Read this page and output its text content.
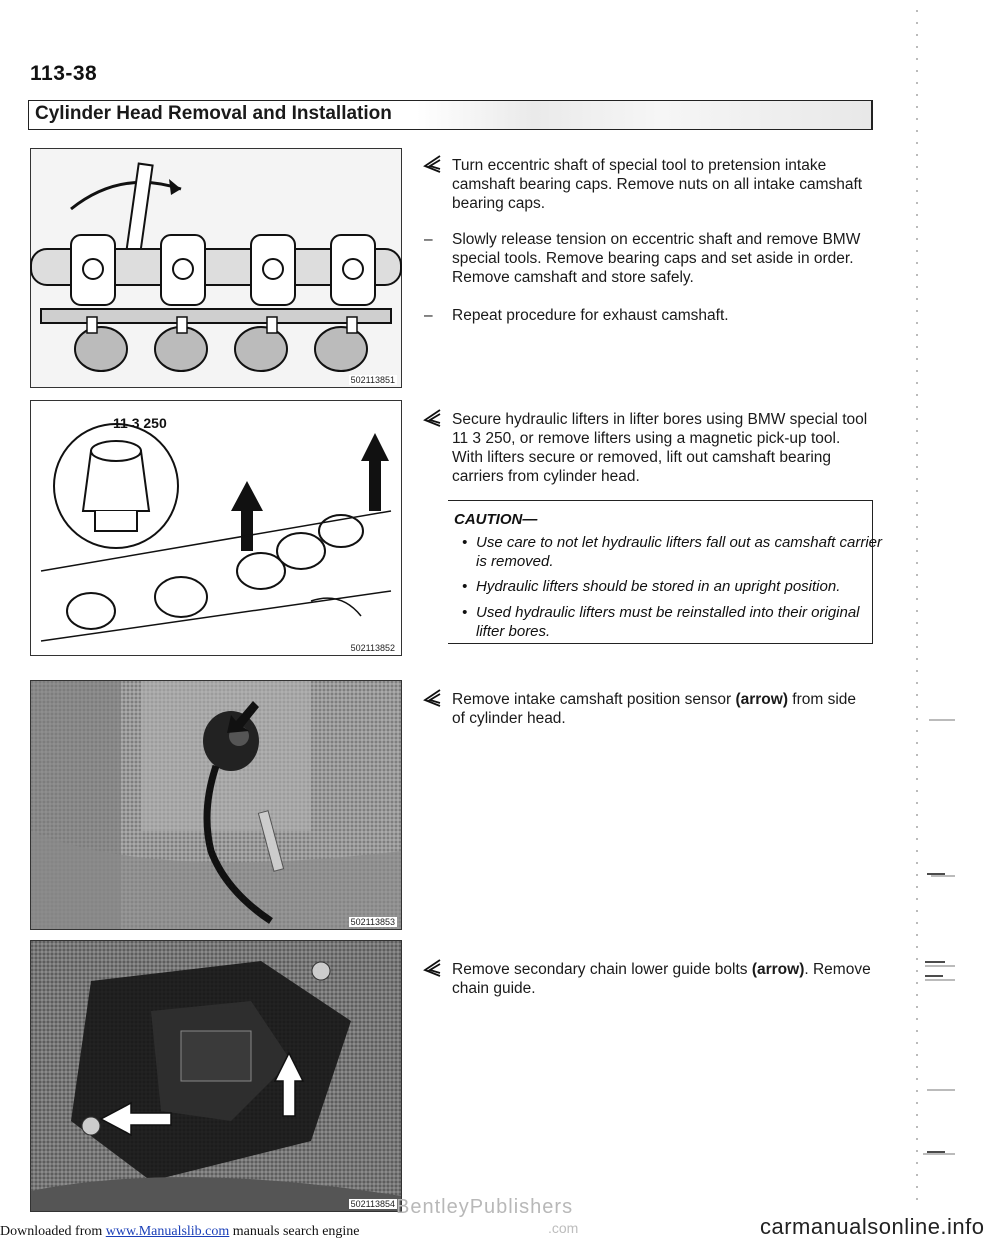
113-38
Cylinder Head Removal and Installation
502113851
11 3 250
502113852
502113853
502113854
Turn eccentric shaft of special tool to pretension intake camshaft bearing caps. Remove nuts on all intake camshaft bearing caps.
– Slowly release tension on eccentric shaft and remove BMW special tools. Remove bearing caps and set aside in order. Remove camshaft and store safely.
– Repeat procedure for exhaust camshaft.
Secure hydraulic lifters in lifter bores using BMW special tool 11 3 250, or remove lifters using a magnetic pick-up tool. With lifters secure or removed, lift out camshaft bearing carriers from cylinder head.
CAUTION—
• Use care to not let hydraulic lifters fall out as camshaft carrier is removed.
• Hydraulic lifters should be stored in an upright position.
• Used hydraulic lifters must be reinstalled into their original lifter bores.
Remove intake camshaft position sensor (arrow) from side of cylinder head.
Remove secondary chain lower guide bolts (arrow). Remove chain guide.
BentleyPublishers
.com
Downloaded from www.Manualslib.com manuals search engine	carmanualsonline.info
